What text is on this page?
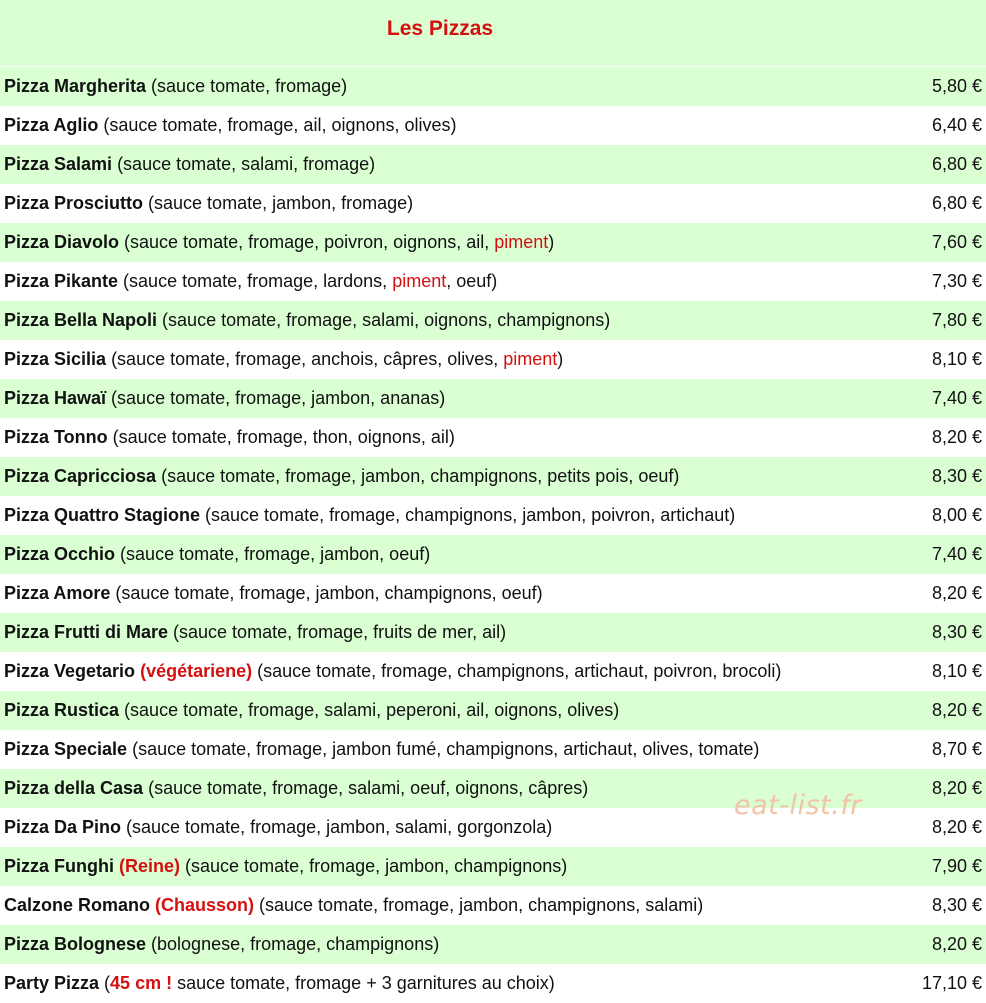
Les Pizzas
Pizza Margherita (sauce tomate, fromage)	5,80 €
Pizza Aglio (sauce tomate, fromage, ail, oignons, olives)	6,40 €
Pizza Salami (sauce tomate, salami, fromage)	6,80 €
Pizza Prosciutto (sauce tomate, jambon, fromage)	6,80 €
Pizza Diavolo (sauce tomate, fromage, poivron, oignons, ail, piment)	7,60 €
Pizza Pikante (sauce tomate, fromage, lardons, piment, oeuf)	7,30 €
Pizza Bella Napoli (sauce tomate, fromage, salami, oignons, champignons)	7,80 €
Pizza Sicilia (sauce tomate, fromage, anchois, câpres, olives, piment)	8,10 €
Pizza Hawaï (sauce tomate, fromage, jambon, ananas)	7,40 €
Pizza Tonno (sauce tomate, fromage, thon, oignons, ail)	8,20 €
Pizza Capricciosa (sauce tomate, fromage, jambon, champignons, petits pois, oeuf)	8,30 €
Pizza Quattro Stagione (sauce tomate, fromage, champignons, jambon, poivron, artichaut)	8,00 €
Pizza Occhio (sauce tomate, fromage, jambon, oeuf)	7,40 €
Pizza Amore (sauce tomate, fromage, jambon, champignons, oeuf)	8,20 €
Pizza Frutti di Mare (sauce tomate, fromage, fruits de mer, ail)	8,30 €
Pizza Vegetario (végétariene) (sauce tomate, fromage, champignons, artichaut, poivron, brocoli)	8,10 €
Pizza Rustica (sauce tomate, fromage, salami, peperoni, ail, oignons, olives)	8,20 €
Pizza Speciale (sauce tomate, fromage, jambon fumé, champignons, artichaut, olives, tomate)	8,70 €
Pizza della Casa (sauce tomate, fromage, salami, oeuf, oignons, câpres)	8,20 €
Pizza Da Pino (sauce tomate, fromage, jambon, salami, gorgonzola)	8,20 €
Pizza Funghi (Reine) (sauce tomate, fromage, jambon, champignons)	7,90 €
Calzone Romano (Chausson) (sauce tomate, fromage, jambon, champignons, salami)	8,30 €
Pizza Bolognese (bolognese, fromage, champignons)	8,20 €
Party Pizza (45 cm ! sauce tomate, fromage + 3 garnitures au choix)	17,10 €
eat-list.fr
